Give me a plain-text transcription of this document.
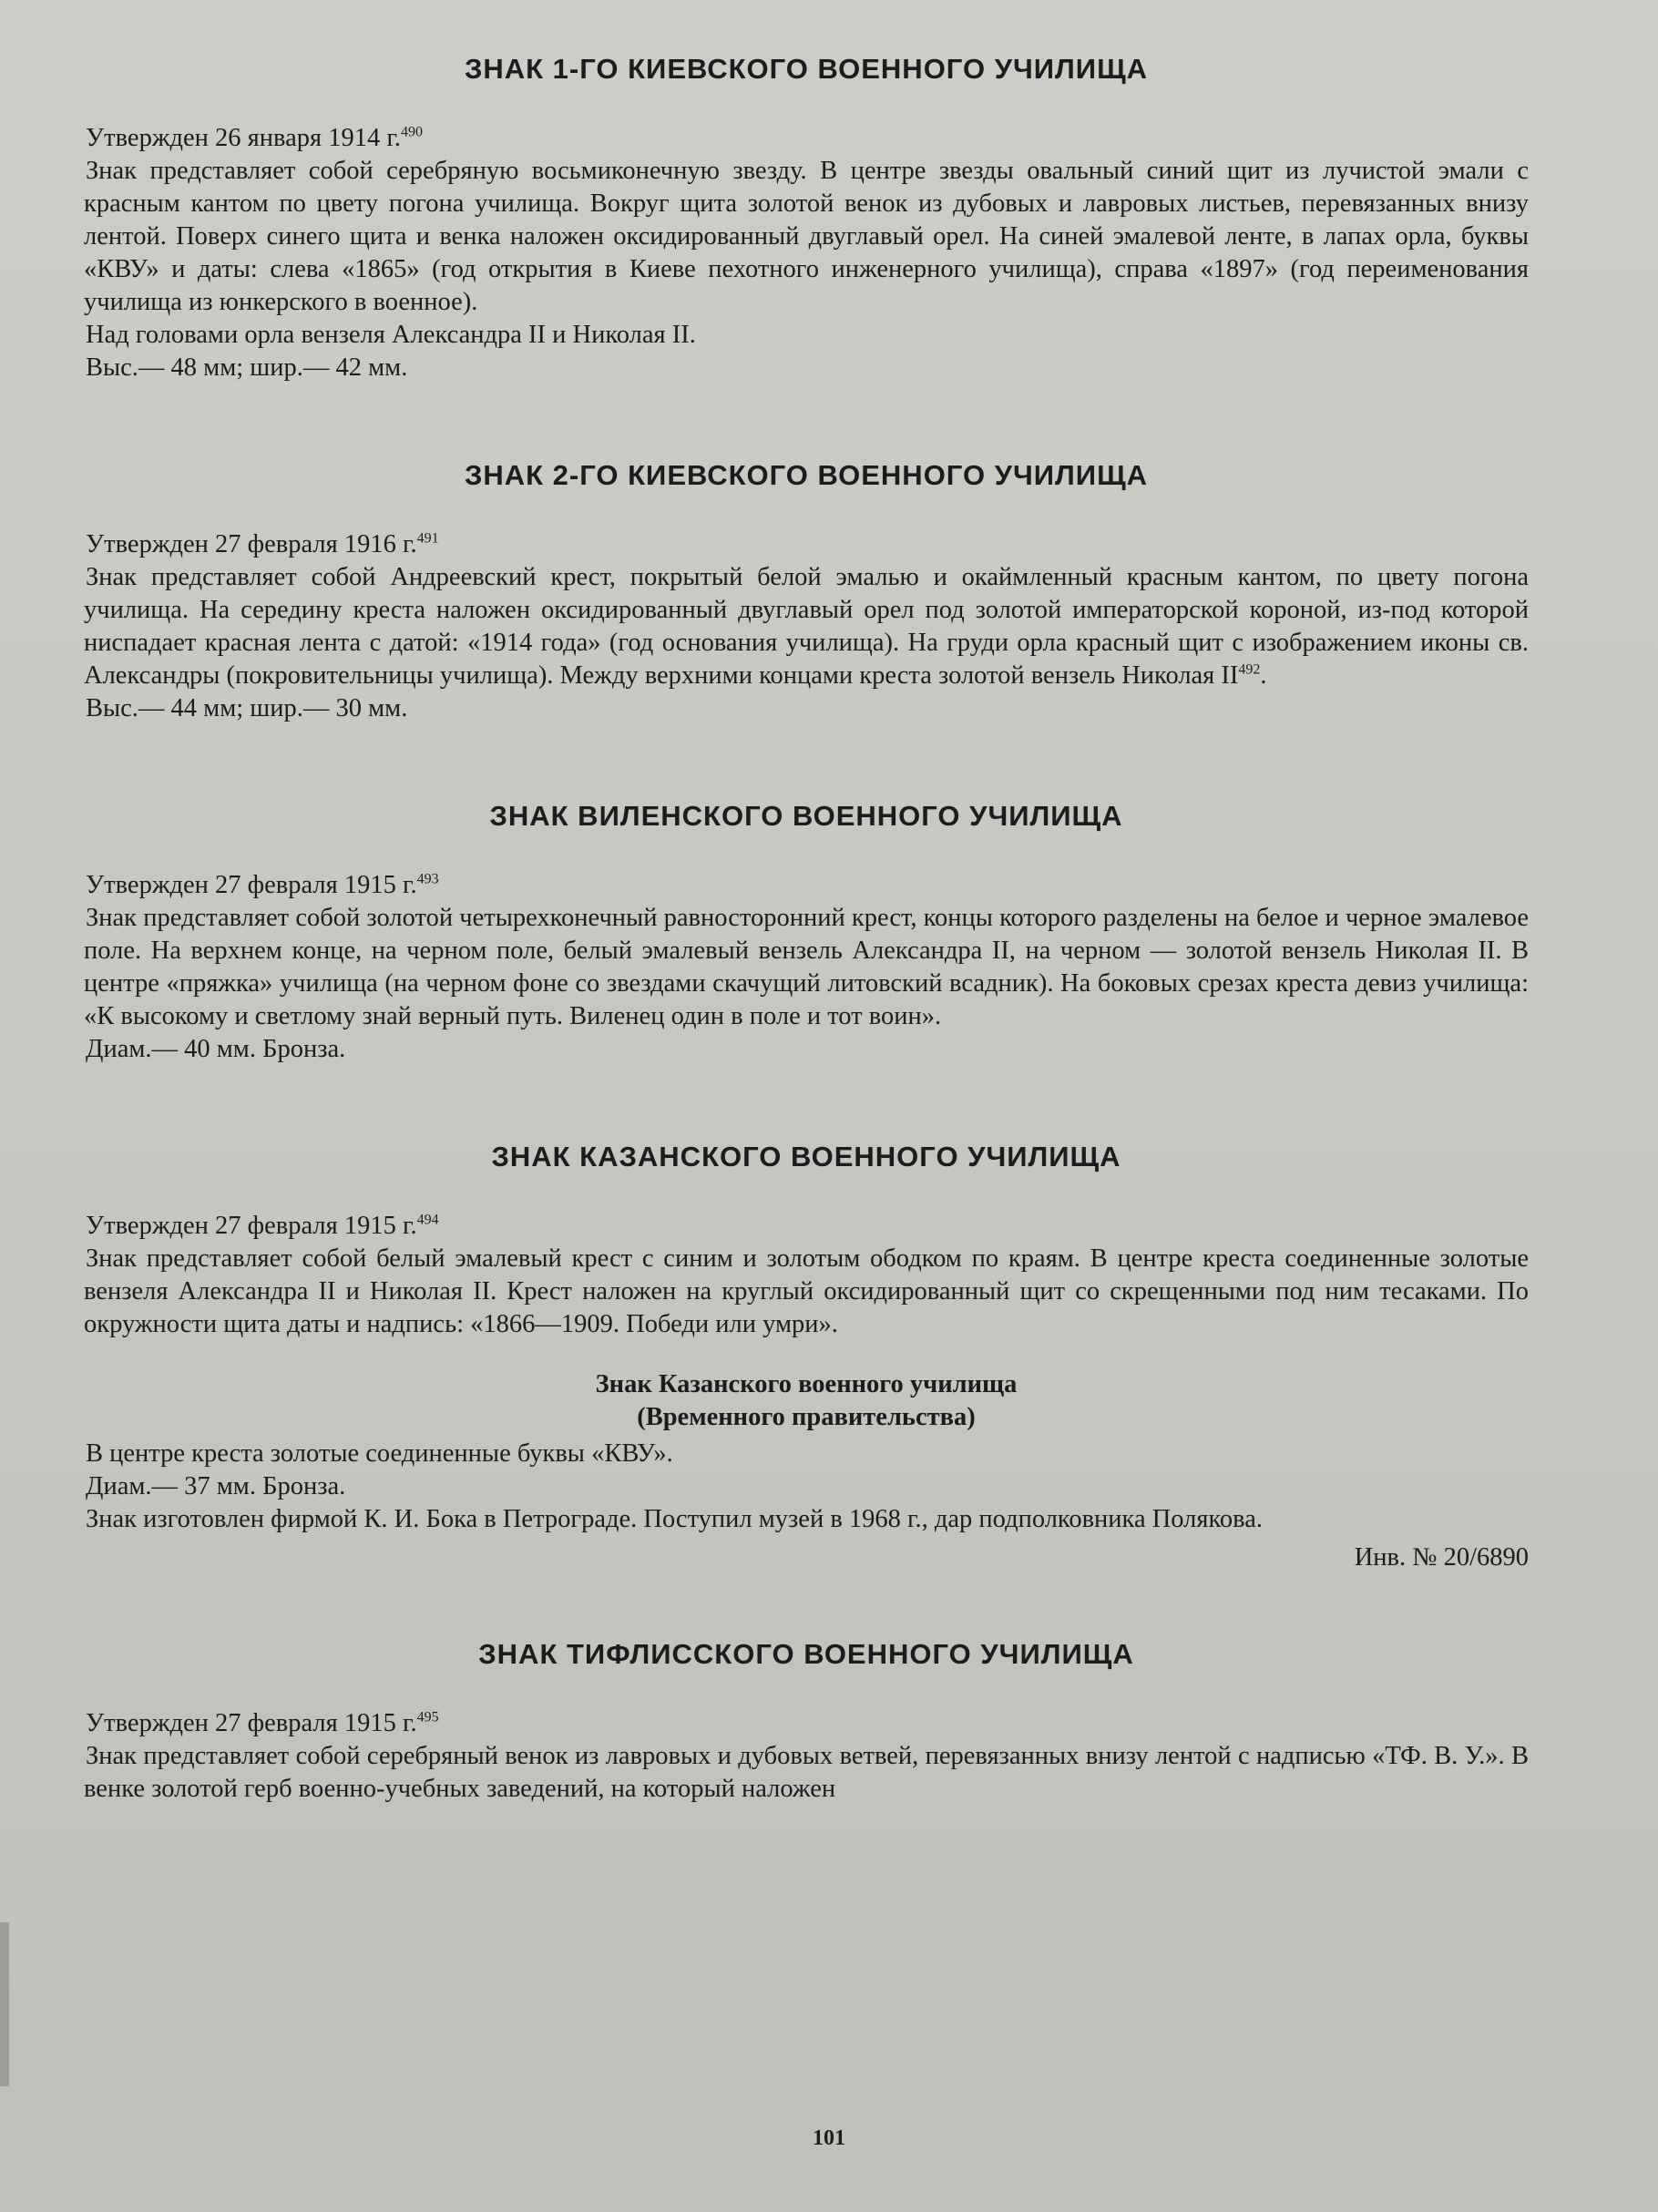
ЗНАК 1-ГО КИЕВСКОГО ВОЕННОГО УЧИЛИЩА

Утвержден 26 января 1914 г.$^{490}$

Знак представляет собой серебряную восьмиконечную звезду. В центре звезды овальный синий щит из лучистой эмали с красным кантом по цвету погона училища. Вокруг щита золотой венок из дубовых и лавровых листьев, перевязанных внизу лентой. Поверх синего щита и венка наложен оксидированный двуглавый орел. На синей эмалевой ленте, в лапах орла, буквы «КВУ» и даты: слева «1865» (год открытия в Киеве пехотного инженерного училища), справа «1897» (год переименования училища из юнкерского в военное).

Над головами орла вензеля Александра II и Николая II.

Выс.— 48 мм; шир.— 42 мм.

ЗНАК 2-ГО КИЕВСКОГО ВОЕННОГО УЧИЛИЩА

Утвержден 27 февраля 1916 г.$^{491}$

Знак представляет собой Андреевский крест, покрытый белой эмалью и окаймленный красным кантом, по цвету погона училища. На середину креста наложен оксидированный двуглавый орел под золотой императорской короной, из-под которой ниспадает красная лента с датой: «1914 года» (год основания училища). На груди орла красный щит с изображением иконы св. Александры (покровительницы училища). Между верхними концами креста золотой вензель Николая II$^{492}$.

Выс.— 44 мм; шир.— 30 мм.

ЗНАК ВИЛЕНСКОГО ВОЕННОГО УЧИЛИЩА

Утвержден 27 февраля 1915 г.$^{493}$

Знак представляет собой золотой четырехконечный равносторонний крест, концы которого разделены на белое и черное эмалевое поле. На верхнем конце, на черном поле, белый эмалевый вензель Александра II, на черном — золотой вензель Николая II. В центре «пряжка» училища (на черном фоне со звездами скачущий литовский всадник). На боковых срезах креста девиз училища: «К высокому и светлому знай верный путь. Виленец один в поле и тот воин».

Диам.— 40 мм. Бронза.

ЗНАК КАЗАНСКОГО ВОЕННОГО УЧИЛИЩА

Утвержден 27 февраля 1915 г.$^{494}$

Знак представляет собой белый эмалевый крест с синим и золотым ободком по краям. В центре креста соединенные золотые вензеля Александра II и Николая II. Крест наложен на круглый оксидированный щит со скрещенными под ним тесаками. По окружности щита даты и надпись: «1866—1909. Победи или умри».

Знак Казанского военного училища
(Временного правительства)

В центре креста золотые соединенные буквы «КВУ».

Диам.— 37 мм. Бронза.

Знак изготовлен фирмой К. И. Бока в Петрограде. Поступил музей в 1968 г., дар подполковника Полякова.

Инв. № 20/6890
ЗНАК ТИФЛИССКОГО ВОЕННОГО УЧИЛИЩА

Утвержден 27 февраля 1915 г.$^{495}$

Знак представляет собой серебряный венок из лавровых и дубовых ветвей, перевязанных внизу лентой с надписью «ТФ. В. У.». В венке золотой герб военно-учебных заведений, на который наложен

101
